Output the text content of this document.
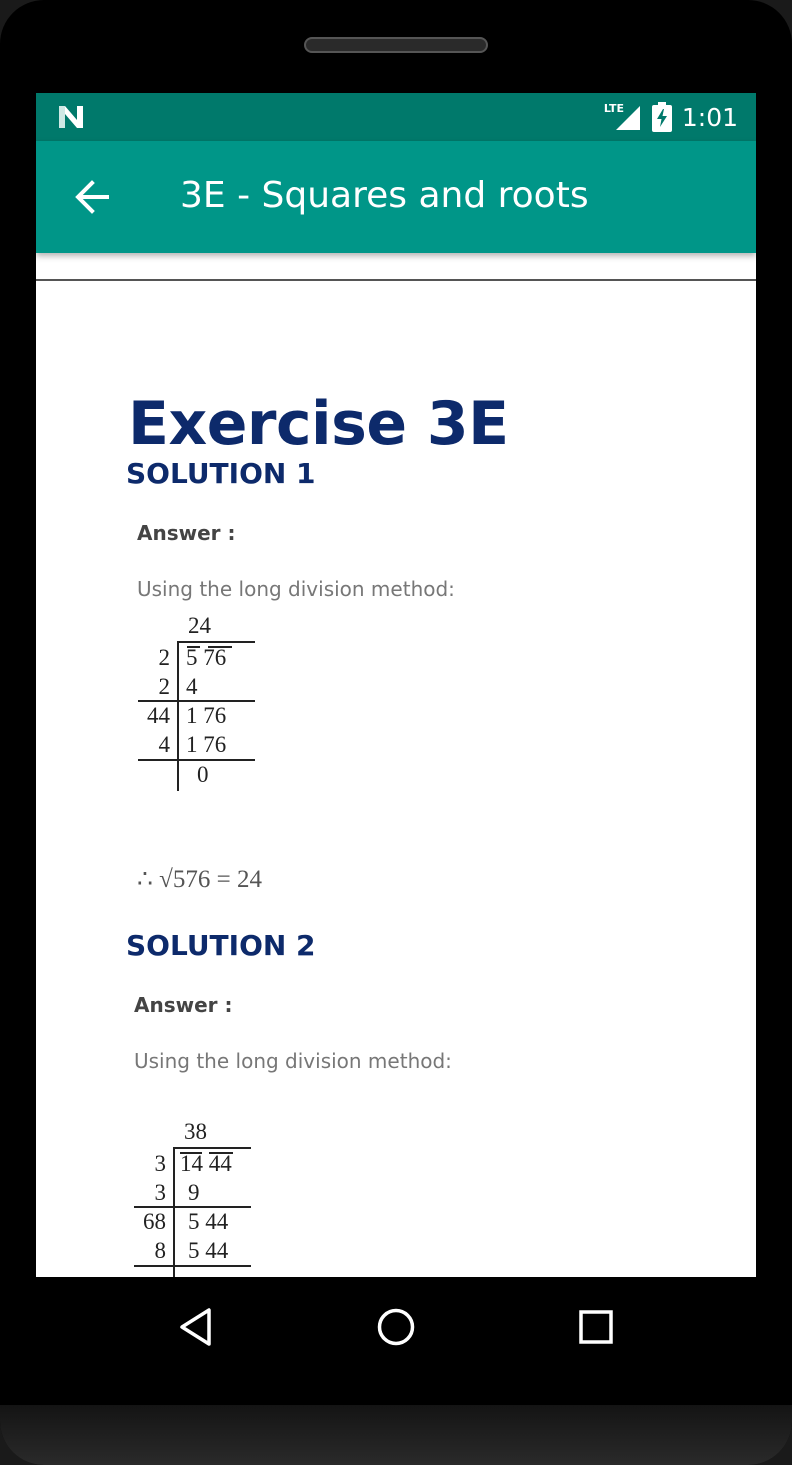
LTE 1:01
3E - Squares and roots
Exercise 3E
SOLUTION 1
Answer :
Using the long division method:
24
2 5 76
2 4
44 1 76
4 1 76
0
∴ √576 = 24
SOLUTION 2
Answer :
Using the long division method:
38
3 14 44
3 9
68 5 44
8 5 44
